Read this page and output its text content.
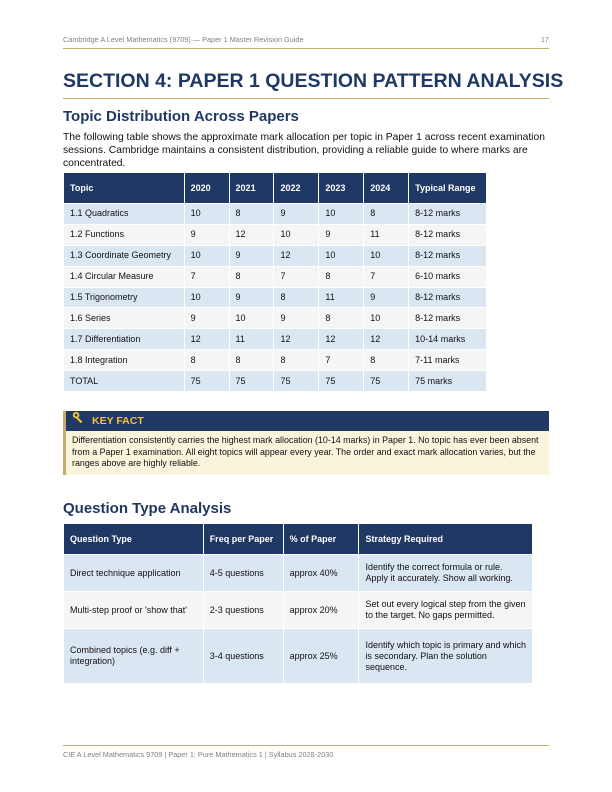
Cambridge A Level Mathematics (9709) — Paper 1 Master Revision Guide	17
SECTION 4: PAPER 1 QUESTION PATTERN ANALYSIS
Topic Distribution Across Papers

The following table shows the approximate mark allocation per topic in Paper 1 across recent examination sessions. Cambridge maintains a consistent distribution, providing a reliable guide to where marks are concentrated.

Topic	2020	2021	2022	2023	2024	Typical Range
1.1 Quadratics	10	8	9	10	8	8-12 marks
1.2 Functions	9	12	10	9	11	8-12 marks
1.3 Coordinate Geometry	10	9	12	10	10	8-12 marks
1.4 Circular Measure	7	8	7	8	7	6-10 marks
1.5 Trigonometry	10	9	8	11	9	8-12 marks
1.6 Series	9	10	9	8	10	8-12 marks
1.7 Differentiation	12	11	12	12	12	10-14 marks
1.8 Integration	8	8	8	7	8	7-11 marks
TOTAL	75	75	75	75	75	75 marks
KEY FACT
Differentiation consistently carries the highest mark allocation (10-14 marks) in Paper 1. No topic has ever been absent from a Paper 1 examination. All eight topics will appear every year. The order and exact mark allocation varies, but the ranges above are highly reliable.
Question Type Analysis
Question Type	Freq per Paper	% of Paper	Strategy Required
Direct technique application	4-5 questions	approx 40%	Identify the correct formula or rule. Apply it accurately. Show all working.
Multi-step proof or 'show that'	2-3 questions	approx 20%	Set out every logical step from the given to the target. No gaps permitted.
Combined topics (e.g. diff + integration)	3-4 questions	approx 25%	Identify which topic is primary and which is secondary. Plan the solution sequence.
CIE A Level Mathematics 9709 | Paper 1: Pure Mathematics 1 | Syllabus 2028-2030
